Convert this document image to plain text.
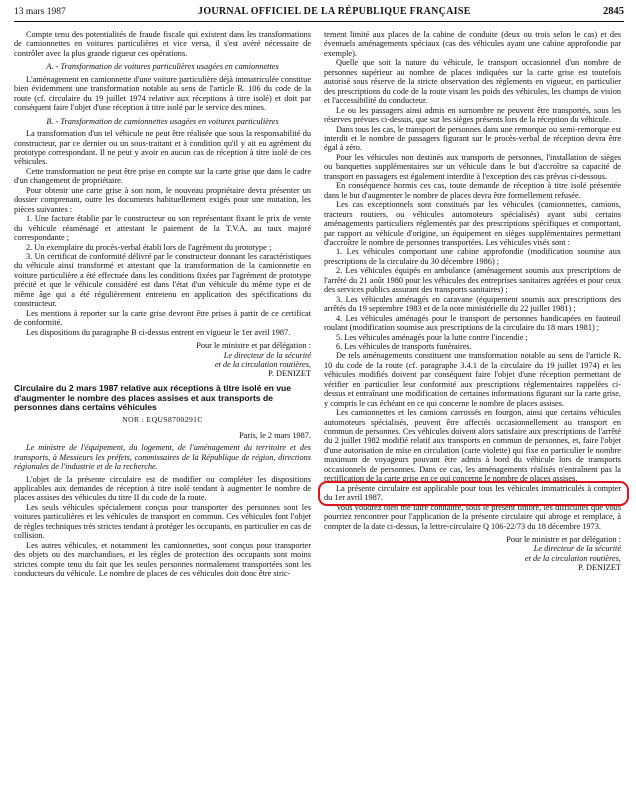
13 mars 1987	JOURNAL OFFICIEL DE LA RÉPUBLIQUE FRANÇAISE	2845

Compte tenu des potentialités de fraude fiscale qui existent dans les transformations de camionnettes en voitures particulières et vice versa, il s'est avéré nécessaire de contrôler avec la plus grande rigueur ces opérations.

A. - Transformation de voitures particulières usagées en camionnettes

L'aménagement en camionnette d'une voiture particulière déjà immatriculée constitue bien évidemment une transformation notable au sens de l'article R. 106 du code de la route (cf. circulaire du 19 juillet 1974 relative aux réceptions à titre isolé) et doit par conséquent faire l'objet d'une réception à titre isolé par le service des mines.

B. - Transformation de camionnettes usagées en voitures particulières

La transformation d'un tel véhicule ne peut être réalisée que sous la responsabilité du constructeur, par ce dernier ou un sous-traitant et à condition qu'il y ait eu agrément du prototype correspondant. Il ne peut y avoir en aucun cas de réception à titre isolé de ces véhicules.

Cette transformation ne peut être prise en compte sur la carte grise que dans le cadre d'un changement de propriétaire.

Pour obtenir une carte grise à son nom, le nouveau propriétaire devra présenter un dossier comprenant, outre les documents habituellement exigés pour une mutation, les pièces suivantes :

1. Une facture établie par le constructeur ou son représentant fixant le prix de vente du véhicule réaménagé et attestant le paiement de la T.V.A. au taux majoré correspondante ;

2. Un exemplaire du procès-verbal établi lors de l'agrément du prototype ;

3. Un certificat de conformité délivré par le constructeur donnant les caractéristiques du véhicule ainsi transformé et attestant que la transformation de la camionnette en voiture particulière a été effectuée dans les conditions fixées par l'agrément de prototype précité et que le véhicule considéré est dans l'état d'un véhicule du même type et de même âge qui a été régulièrement entretenu en application des spécifications du constructeur.

Les mentions à reporter sur la carte grise devront être prises à partir de ce certificat de conformité.

Les dispositions du paragraphe B ci-dessus entrent en vigueur le 1er avril 1987.

Pour le ministre et par délégation :
Le directeur de la sécurité
et de la circulation routières,
P. DENIZET

Circulaire du 2 mars 1987 relative aux réceptions à titre isolé en vue d'augmenter le nombre des places assises et aux transports de personnes dans certains véhicules

NOR : EQUS8700291C

Paris, le 2 mars 1987.

Le ministre de l'équipement, du logement, de l'aménagement du territoire et des transports, à Messieurs les préfets, commissaires de la République de région, directions régionales de l'industrie et de la recherche.

L'objet de la présente circulaire est de modifier ou compléter les dispositions applicables aux demandes de réception à titre isolé tendant à augmenter le nombre de places assises des véhicules du titre II du code de la route.

Les seuls véhicules spécialement conçus pour transporter des personnes sont les voitures particulières et les véhicules de transport en commun. Ces véhicules font l'objet de règles techniques très strictes tendant à protéger les occupants, en particulier en cas de collision.

Les autres véhicules, et notamment les camionnettes, sont conçus pour transporter des objets ou des marchandises, et les règles de protection des occupants sont moins strictes compte tenu du fait que les seules personnes normalement transportées sont les conducteurs du véhicule. Le nombre de places de ces véhicules doit donc être stric-

tement limité aux places de la cabine de conduite (deux ou trois selon le cas) et des éventuels aménagements spéciaux (cas des véhicules ayant une cabine approfondie par exemple).

Quelle que soit la nature du véhicule, le transport occasionnel d'un nombre de personnes supérieur au nombre de places indiquées sur la carte grise est toutefois autorisé sous réserve de la stricte observation des règlements en vigueur, en particulier des prescriptions du code de la route visant les poids des véhicules, les champs de vision et l'accessibilité du conducteur.

Le ou les passagers ainsi admis en surnombre ne peuvent être transportés, sous les réserves prévues ci-dessus, que sur les sièges présents lors de la réception du véhicule.

Dans tous les cas, le transport de personnes dans une remorque ou semi-remorque est interdit et le nombre de passagers figurant sur le procès-verbal de réception devra être égal à zéro.

Pour les véhicules non destinés aux transports de personnes, l'installation de sièges ou banquettes supplémentaires sur un véhicule dans le but d'accroître sa capacité de transport en passagers est également interdite à l'exception des cas prévus ci-dessous.

En conséquence hormis ces cas, toute demande de réception à titre isolé présentée dans le but d'augmenter le nombre de places devra être formellement refusée.

Les cas exceptionnels sont constitués par les véhicules (camionnettes, camions, tracteurs routiers, ou véhicules automoteurs spécialisés) ayant subi certains aménagements particuliers réglementés par des prescriptions spécifiques et comportant, par rapport au véhicule d'origine, un équipement en sièges supplémentaires permettant d'accroître le nombre de personnes transportées. Les véhicules visés sont :

1. Les véhicules comportant une cabine approfondie (modification soumise aux prescriptions de la circulaire du 30 décembre 1986) ;

2. Les véhicules équipés en ambulance (aménagement soumis aux prescriptions de l'arrêté du 21 août 1980 pour les véhicules des entreprises sanitaires agréées et pour ceux des services publics assurant des transports sanitaires) ;

3. Les véhicules aménagés en caravane (équipement soumis aux prescriptions des arrêtés du 19 septembre 1983 et de la note ministérielle du 22 juillet 1981) ;

4. Les véhicules aménagés pour le transport de personnes handicapées en fauteuil roulant (modification soumise aux prescriptions de la circulaire du 18 mars 1981) ;

5. Les véhicules aménagés pour la lutte contre l'incendie ;

6. Les véhicules de transports funéraires.

De tels aménagements constituent une transformation notable au sens de l'article R. 10 du code de la route (cf. paragraphe 3.4.1 de la circulaire du 19 juillet 1974) et les véhicules modifiés doivent par conséquent faire l'objet d'une réception permettant de vérifier en particulier leur conformité aux prescriptions réglementaires rappelées ci-dessus et entraînant une modification de certaines informations figurant sur la carte grise, y compris le cas échéant en ce qui concerne le nombre de places assises.

Les camionnettes et les camions carrossés en fourgon, ainsi que certains véhicules automoteurs spécialisés, peuvent être affectés occasionnellement au transport en commun de personnes. Ces véhicules doivent alors satisfaire aux prescriptions de l'arrêté du 2 juillet 1982 modifié relatif aux transports en commun de personnes, et, faire l'objet d'une autorisation de mise en circulation (carte violette) qui fixe en particulier le nombre maximum de voyageurs pouvant être admis à bord du véhicule lors de transports occasionnels de personnes. Dans ce cas, les aménagements réalisés n'entraînent pas la rectification de la carte grise en ce qui concerne le nombre de places assises.

La présente circulaire est applicable pour tous les véhicules immatriculés à compter du 1er avril 1987.

Vous voudrez bien me faire connaître, sous le présent timbre, les difficultés que vous pourriez rencontrer pour l'application de la présente circulaire qui abroge et remplace, à compter de la date ci-dessus, la lettre-circulaire Q 106-22/73 du 18 décembre 1973.

Pour le ministre et par délégation :
Le directeur de la sécurité
et de la circulation routières,
P. DENIZET
